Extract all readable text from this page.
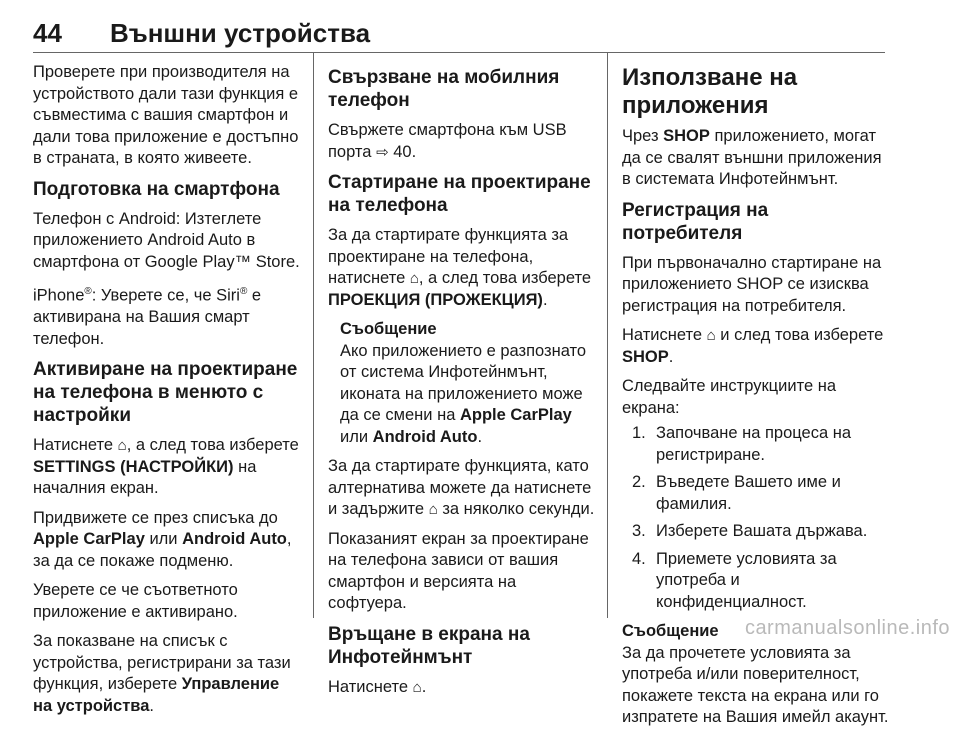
44 Външни устройства

Проверете при производителя на устройството дали тази функция е съвместима с вашия смартфон и дали това приложение е достъпно в страната, в която живеете.

Подготовка на смартфона

Телефон с Android: Изтеглете приложението Android Auto в смартфона от Google Play™ Store.

iPhone®: Уверете се, че Siri® е активирана на Вашия смарт телефон.

Активиране на проектиране на телефона в менюто с настройки

Натиснете ⌂, а след това изберете SETTINGS (НАСТРОЙКИ) на началния екран.

Придвижете се през списъка до Apple CarPlay или Android Auto, за да се покаже подменю.

Уверете се че съответното приложение е активирано.

За показване на списък с устройства, регистрирани за тази функция, изберете Управление на устройства.

Свързване на мобилния телефон

Свържете смартфона към USB порта ⇨ 40.

Стартиране на проектиране на телефона

За да стартирате функцията за проектиране на телефона, натиснете ⌂, а след това изберете ПРОЕКЦИЯ (ПРОЖЕКЦИЯ).

Съобщение
Ако приложението е разпознато от система Инфотейнмънт, иконата на приложението може да се смени на Apple CarPlay или Android Auto.

За да стартирате функцията, като алтернатива можете да натиснете и задържите ⌂ за няколко секунди.

Показаният екран за проектиране на телефона зависи от вашия смартфон и версията на софтуера.

Връщане в екрана на Инфотейнмънт

Натиснете ⌂.

Използване на приложения

Чрез SHOP приложението, могат да се свалят външни приложения в системата Инфотейнмънт.

Регистрация на потребителя

При първоначално стартиране на приложението SHOP се изисква регистрация на потребителя.

Натиснете ⌂ и след това изберете SHOP.

Следвайте инструкциите на екрана:

1. Започване на процеса на регистриране.
2. Въведете Вашето име и фамилия.
3. Изберете Вашата държава.
4. Приемете условията за употреба и конфиденциалност.
Съобщение
За да прочетете условията за употреба и/или поверителност, покажете текста на екрана или го изпратете на Вашия имейл акаунт.
carmanualsonline.info
